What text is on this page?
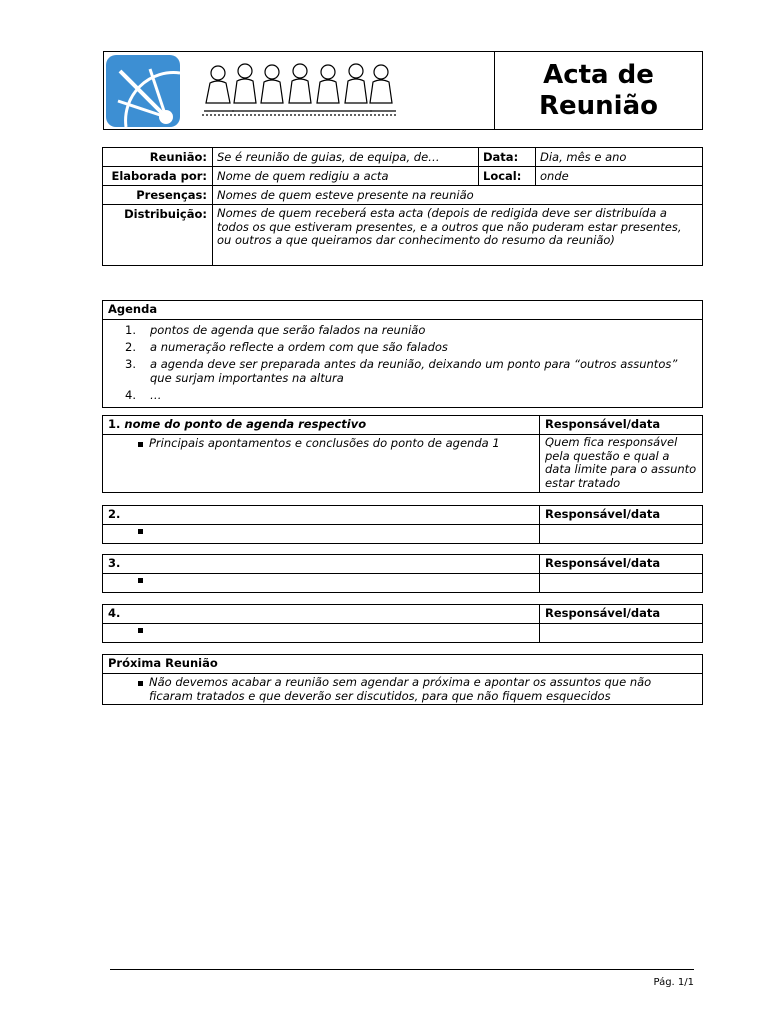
Acta de Reunião
Reunião:	Se é reunião de guias, de equipa, de…	Data:	Dia, mês e ano
Elaborada por:	Nome de quem redigiu a acta	Local:	onde
Presenças:	Nomes de quem esteve presente na reunião		
Distribuição:	Nomes de quem receberá esta acta (depois de redigida deve ser distribuída a todos os que estiveram presentes, e a outros que não puderam estar presentes, ou outros a que queiramos dar conhecimento do resumo da reunião)		
Agenda

1.	pontos de agenda que serão falados na reunião
2.	a numeração reflecte a ordem com que são falados
3.	a agenda deve ser preparada antes da reunião, deixando um ponto para “outros assuntos” que surjam importantes na altura
4.	…
1. nome do ponto de agenda respectivo	Responsável/data

Principais apontamentos e conclusões do ponto de agenda 1	Quem fica responsável pela questão e qual a data limite para o assunto estar tratado
2.	Responsável/data

3.	Responsável/data

4.	Responsável/data

Próxima Reunião

Não devemos acabar a reunião sem agendar a próxima e apontar os assuntos que não ficaram tratados e que deverão ser discutidos, para que não fiquem esquecidos
Pág. 1/1
